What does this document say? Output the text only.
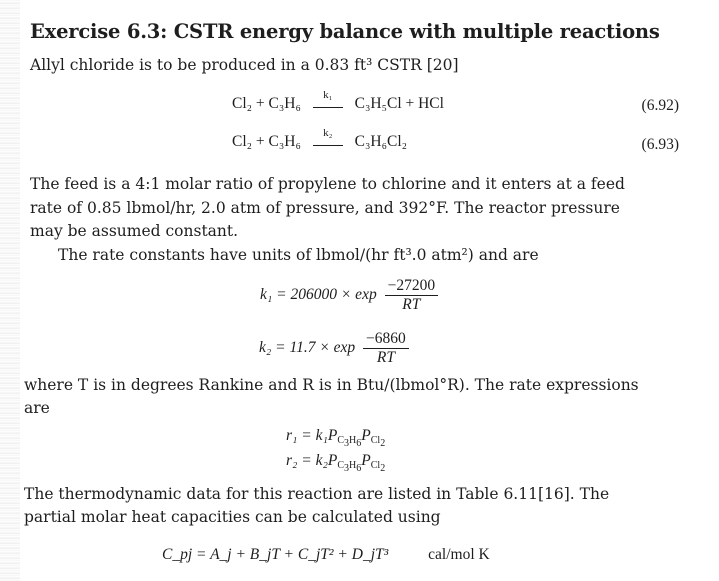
Exercise 6.3: CSTR energy balance with multiple reactions
Allyl chloride is to be produced in a 0.83 ft³ CSTR [20]
Cl₂ + C₃H₆	k₁	C₃H₅Cl + HCl	(6.92)
Cl₂ + C₃H₆	k₂	C₃H₆Cl₂	(6.93)
The feed is a 4:1 molar ratio of propylene to chlorine and it enters at a feed
rate of 0.85 lbmol/hr, 2.0 atm of pressure, and 392°F. The reactor pressure
may be assumed constant.
The rate constants have units of lbmol/(hr ft³.0 atm²) and are
$k_1 = 206000 \times \exp \frac{-27200}{RT}$
$k_2 = 11.7 \times \exp \frac{-6860}{RT}$
where T is in degrees Rankine and R is in Btu/(lbmol°R). The rate expressions
are
$r_1 = k_1P_{C_3H_6}P_{Cl_2}$
$r_2 = k_2P_{C_3H_6}P_{Cl_2}$
The thermodynamic data for this reaction are listed in Table 6.11[16]. The
partial molar heat capacities can be calculated using
C_pj = A_j + B_jT + C_jT² + D_jT³	cal/mol K
